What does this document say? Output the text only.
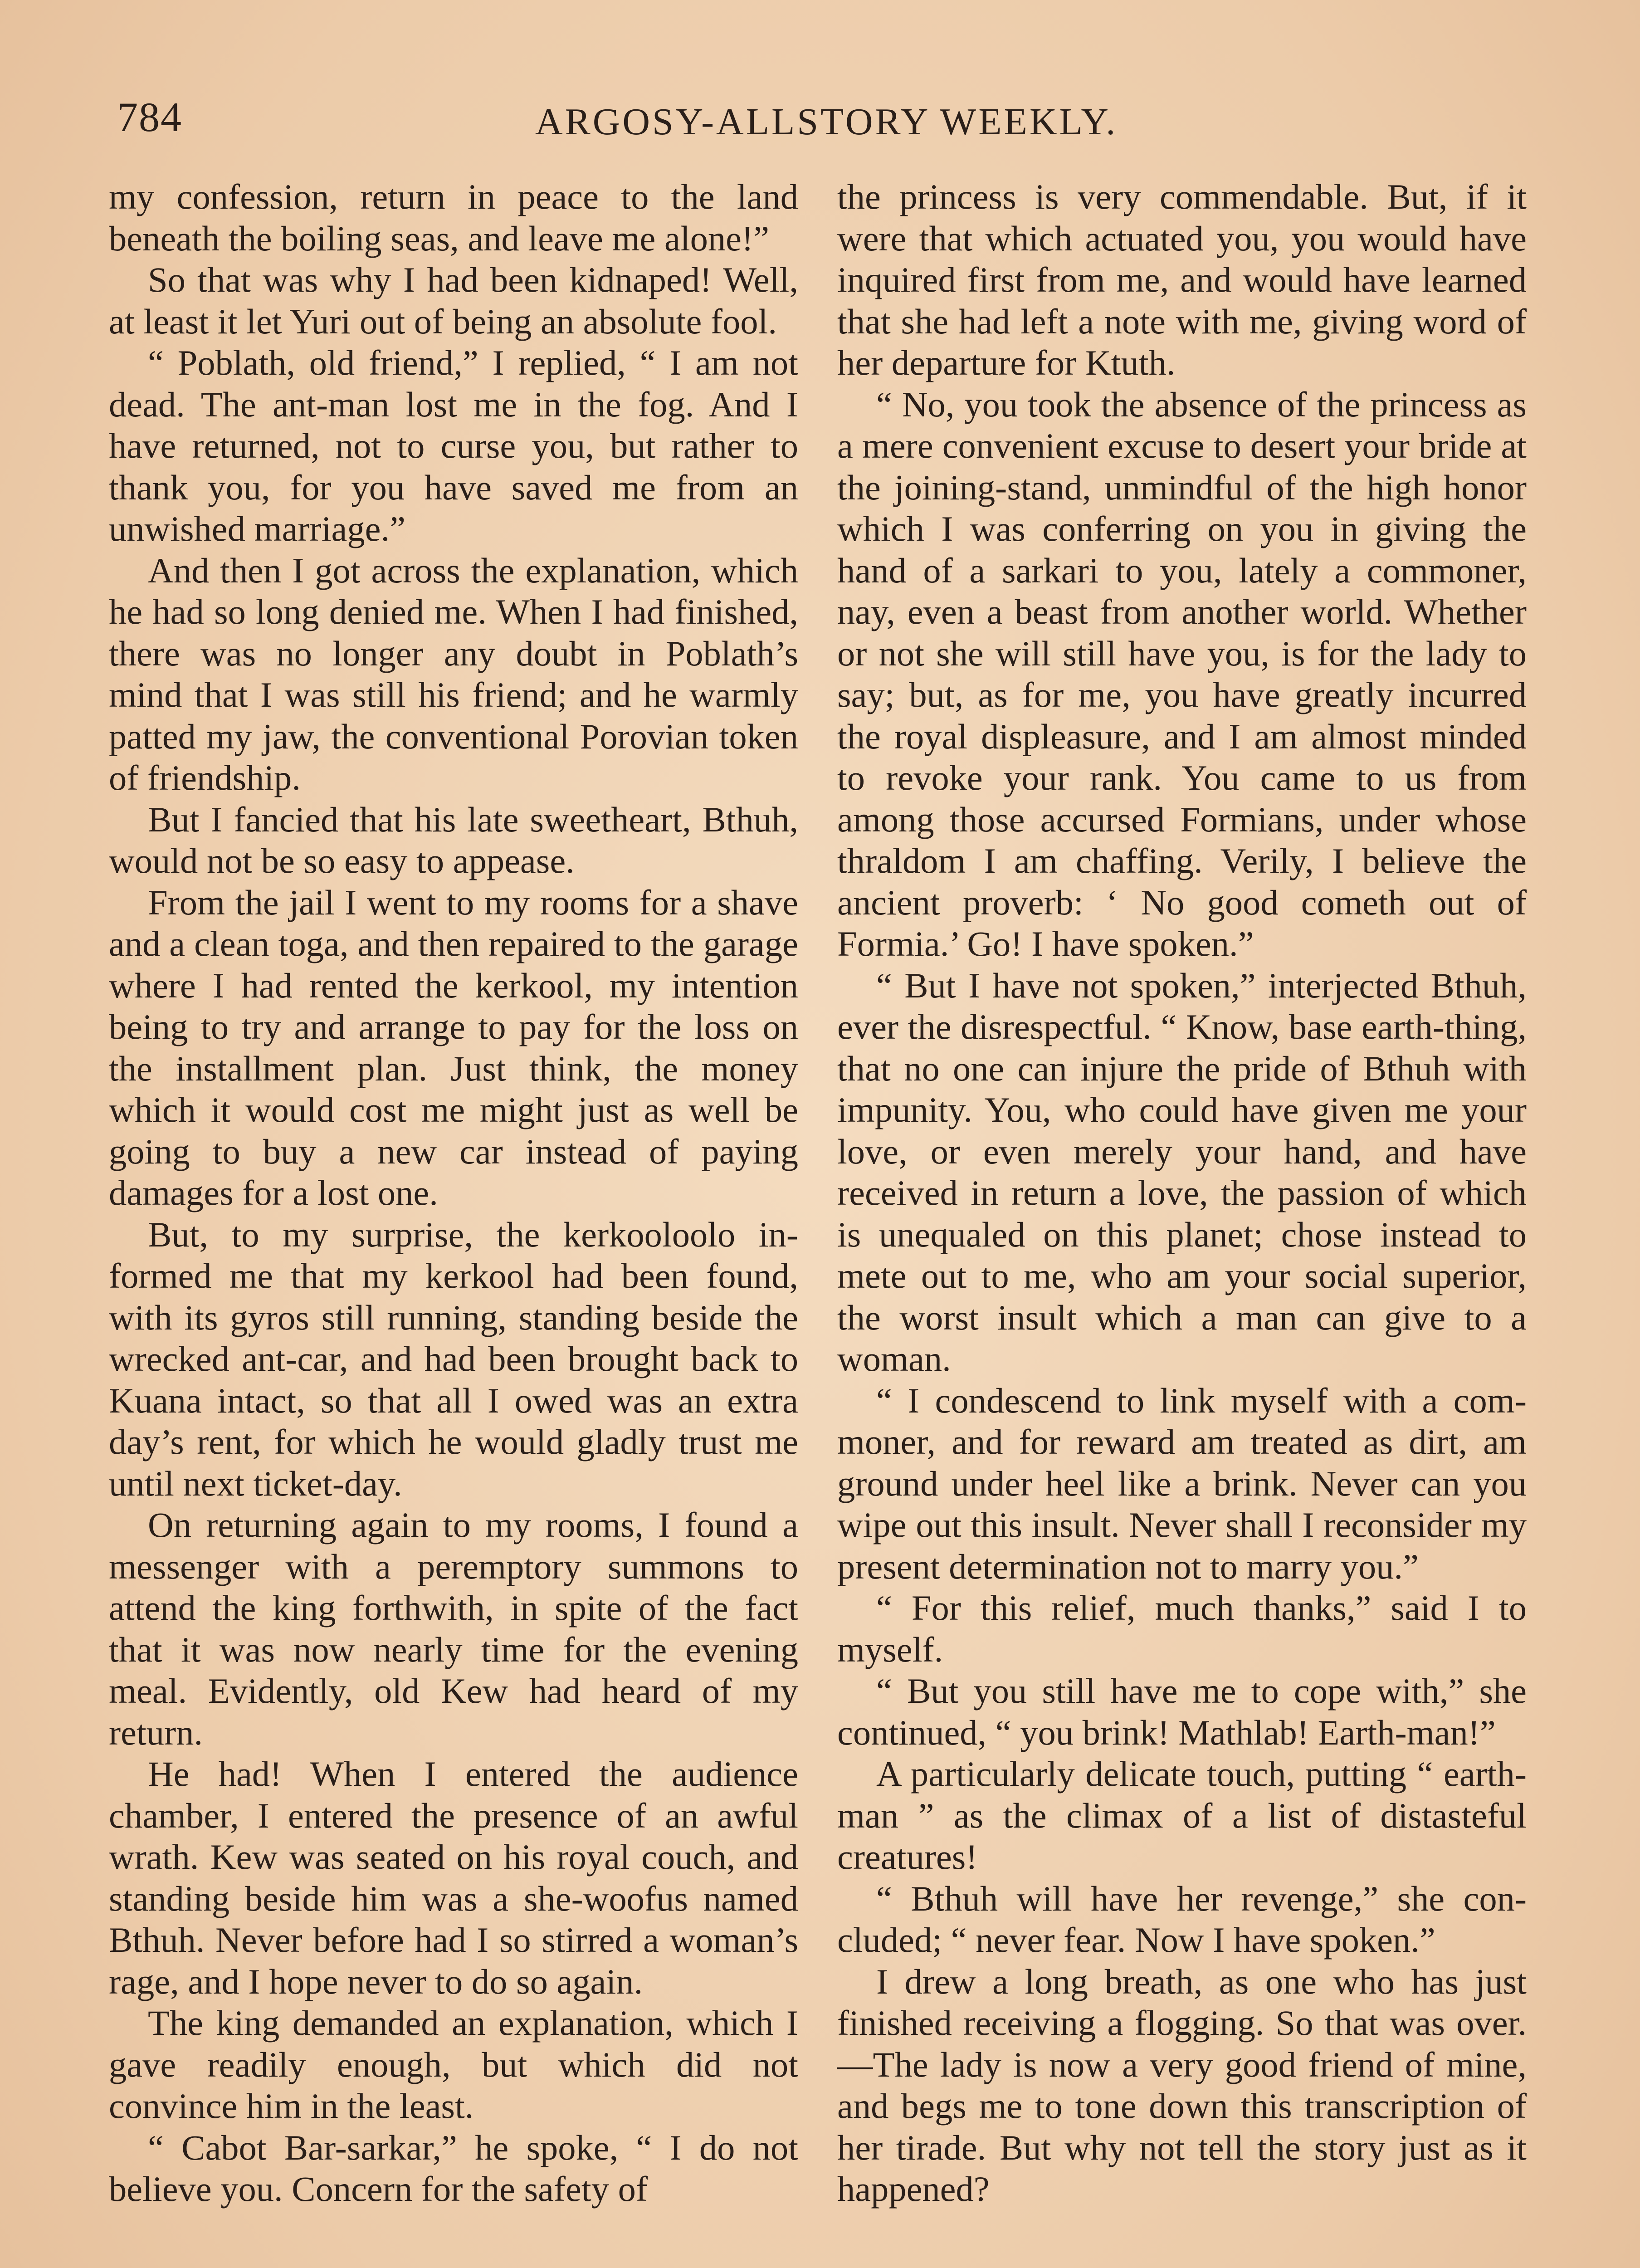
784	ARGOSY-ALLSTORY WEEKLY.

my confession, return in peace to the land beneath the boiling seas, and leave me alone!”

So that was why I had been kidnaped! Well, at least it let Yuri out of being an absolute fool.

“ Poblath, old friend,” I replied, “ I am not dead. The ant-man lost me in the fog. And I have returned, not to curse you, but rather to thank you, for you have saved me from an unwished marriage.”

And then I got across the explanation, which he had so long denied me. When I had finished, there was no longer any doubt in Poblath’s mind that I was still his friend; and he warmly patted my jaw, the conventional Porovian token of friendship.

But I fancied that his late sweetheart, Bthuh, would not be so easy to appease.

From the jail I went to my rooms for a shave and a clean toga, and then repaired to the garage where I had rented the kerkool, my intention being to try and arrange to pay for the loss on the installment plan. Just think, the money which it would cost me might just as well be going to buy a new car instead of paying damages for a lost one.

But, to my surprise, the kerkooloolo informed me that my kerkool had been found, with its gyros still running, standing beside the wrecked ant-car, and had been brought back to Kuana intact, so that all I owed was an extra day’s rent, for which he would gladly trust me until next ticket-day.

On returning again to my rooms, I found a messenger with a peremptory summons to attend the king forthwith, in spite of the fact that it was now nearly time for the evening meal. Evidently, old Kew had heard of my return.

He had! When I entered the audience chamber, I entered the presence of an awful wrath. Kew was seated on his royal couch, and standing beside him was a she-woofus named Bthuh. Never before had I so stirred a woman’s rage, and I hope never to do so again.

The king demanded an explanation, which I gave readily enough, but which did not convince him in the least.

“ Cabot Bar-sarkar,” he spoke, “ I do not believe you. Concern for the safety of

the princess is very commendable. But, if it were that which actuated you, you would have inquired first from me, and would have learned that she had left a note with me, giving word of her departure for Ktuth.

“ No, you took the absence of the princess as a mere convenient excuse to desert your bride at the joining-stand, unmindful of the high honor which I was conferring on you in giving the hand of a sarkari to you, lately a commoner, nay, even a beast from another world. Whether or not she will still have you, is for the lady to say; but, as for me, you have greatly incurred the royal displeasure, and I am almost minded to revoke your rank. You came to us from among those accursed Formians, under whose thraldom I am chaffing. Verily, I believe the ancient proverb: ‘ No good cometh out of Formia.’ Go! I have spoken.”

“ But I have not spoken,” interjected Bthuh, ever the disrespectful. “ Know, base earth-thing, that no one can injure the pride of Bthuh with impunity. You, who could have given me your love, or even merely your hand, and have received in return a love, the passion of which is unequaled on this planet; chose instead to mete out to me, who am your social superior, the worst insult which a man can give to a woman.

“ I condescend to link myself with a commoner, and for reward am treated as dirt, am ground under heel like a brink. Never can you wipe out this insult. Never shall I reconsider my present determination not to marry you.”

“ For this relief, much thanks,” said I to myself.

“ But you still have me to cope with,” she continued, “ you brink! Mathlab! Earth-man!”

A particularly delicate touch, putting “ earth-man ” as the climax of a list of distasteful creatures!

“ Bthuh will have her revenge,” she concluded; “ never fear. Now I have spoken.”

I drew a long breath, as one who has just finished receiving a flogging. So that was over.—The lady is now a very good friend of mine, and begs me to tone down this transcription of her tirade. But why not tell the story just as it happened?
